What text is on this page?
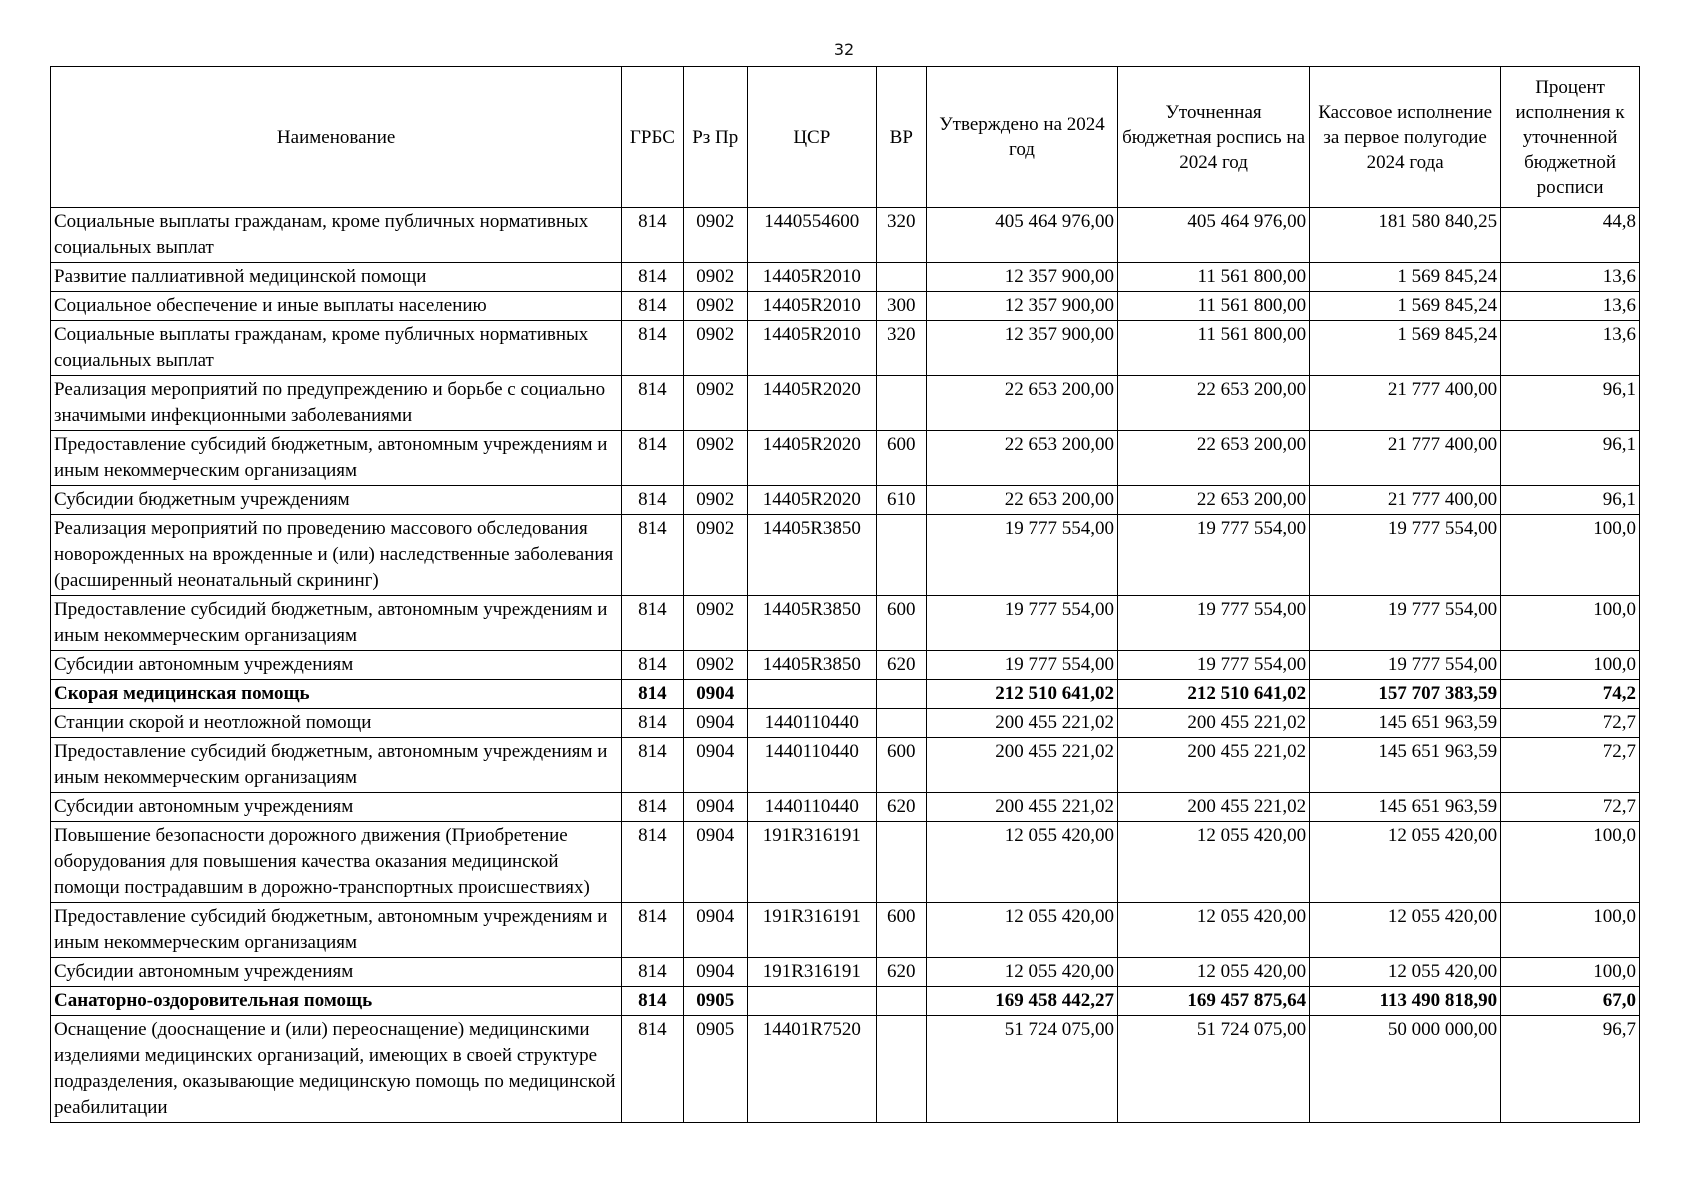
32
Наименование	ГРБС	Рз Пр	ЦСР	ВР	Утверждено на 2024 год	Уточненная бюджетная роспись на 2024 год	Кассовое исполнение за первое полугодие 2024 года	Процент исполнения к уточненной бюджетной росписи
Социальные выплаты гражданам, кроме публичных нормативных социальных выплат	814	0902	1440554600	320	405 464 976,00	405 464 976,00	181 580 840,25	44,8
Развитие паллиативной медицинской помощи	814	0902	14405R2010		12 357 900,00	11 561 800,00	1 569 845,24	13,6
Социальное обеспечение и иные выплаты населению	814	0902	14405R2010	300	12 357 900,00	11 561 800,00	1 569 845,24	13,6
Социальные выплаты гражданам, кроме публичных нормативных социальных выплат	814	0902	14405R2010	320	12 357 900,00	11 561 800,00	1 569 845,24	13,6
Реализация мероприятий по предупреждению и борьбе с социально значимыми инфекционными заболеваниями	814	0902	14405R2020		22 653 200,00	22 653 200,00	21 777 400,00	96,1
Предоставление субсидий бюджетным, автономным учреждениям и иным некоммерческим организациям	814	0902	14405R2020	600	22 653 200,00	22 653 200,00	21 777 400,00	96,1
Субсидии бюджетным учреждениям	814	0902	14405R2020	610	22 653 200,00	22 653 200,00	21 777 400,00	96,1
Реализация мероприятий по проведению массового обследования новорожденных на врожденные и (или) наследственные заболевания (расширенный неонатальный скрининг)	814	0902	14405R3850		19 777 554,00	19 777 554,00	19 777 554,00	100,0
Предоставление субсидий бюджетным, автономным учреждениям и иным некоммерческим организациям	814	0902	14405R3850	600	19 777 554,00	19 777 554,00	19 777 554,00	100,0
Субсидии автономным учреждениям	814	0902	14405R3850	620	19 777 554,00	19 777 554,00	19 777 554,00	100,0
Скорая медицинская помощь	814	0904			212 510 641,02	212 510 641,02	157 707 383,59	74,2
Станции скорой и неотложной помощи	814	0904	1440110440		200 455 221,02	200 455 221,02	145 651 963,59	72,7
Предоставление субсидий бюджетным, автономным учреждениям и иным некоммерческим организациям	814	0904	1440110440	600	200 455 221,02	200 455 221,02	145 651 963,59	72,7
Субсидии автономным учреждениям	814	0904	1440110440	620	200 455 221,02	200 455 221,02	145 651 963,59	72,7
Повышение безопасности дорожного движения (Приобретение оборудования для повышения качества оказания медицинской помощи пострадавшим в дорожно-транспортных происшествиях)	814	0904	191R316191		12 055 420,00	12 055 420,00	12 055 420,00	100,0
Предоставление субсидий бюджетным, автономным учреждениям и иным некоммерческим организациям	814	0904	191R316191	600	12 055 420,00	12 055 420,00	12 055 420,00	100,0
Субсидии автономным учреждениям	814	0904	191R316191	620	12 055 420,00	12 055 420,00	12 055 420,00	100,0
Санаторно-оздоровительная помощь	814	0905			169 458 442,27	169 457 875,64	113 490 818,90	67,0
Оснащение (дооснащение и (или) переоснащение) медицинскими изделиями медицинских организаций, имеющих в своей структуре подразделения, оказывающие медицинскую помощь по медицинской реабилитации	814	0905	14401R7520		51 724 075,00	51 724 075,00	50 000 000,00	96,7
